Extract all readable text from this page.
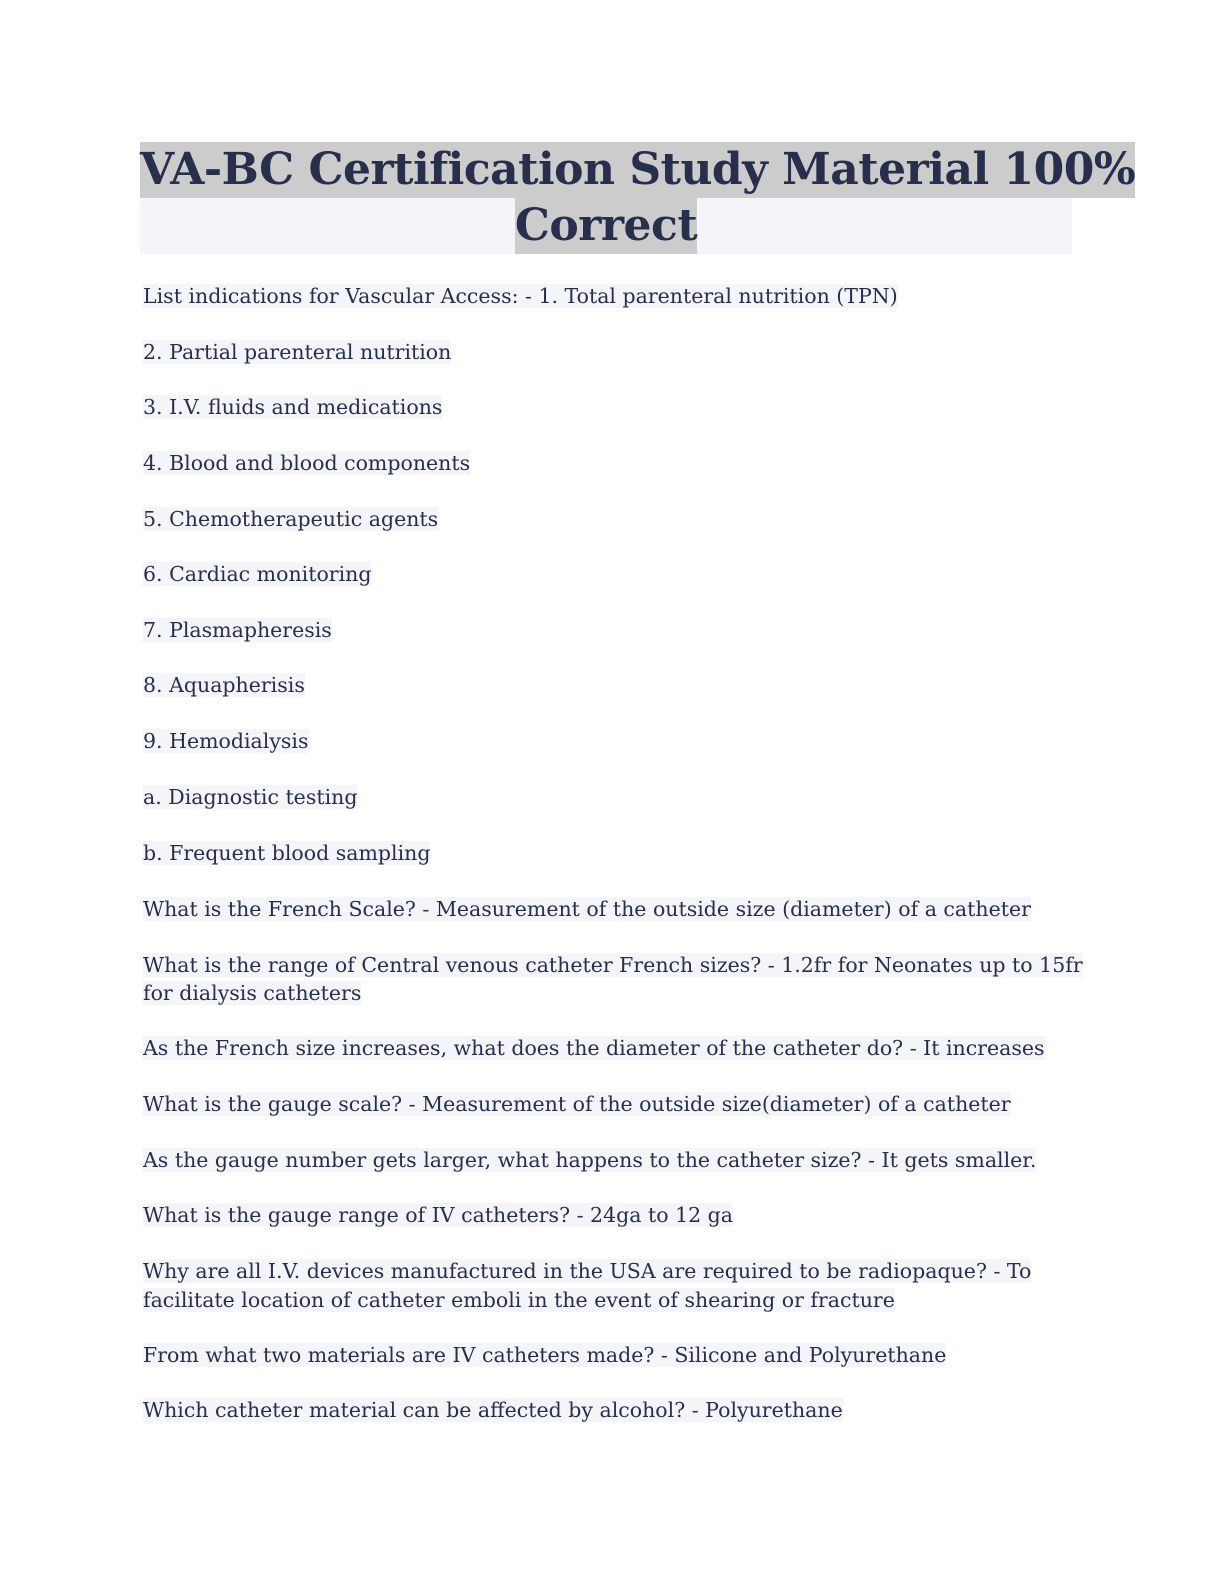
VA-BC Certification Study Material 100%
Correct
List indications for Vascular Access: - 1. Total parenteral nutrition (TPN)
2. Partial parenteral nutrition
3. I.V. fluids and medications
4. Blood and blood components
5. Chemotherapeutic agents
6. Cardiac monitoring
7. Plasmapheresis
8. Aquapherisis
9. Hemodialysis
a. Diagnostic testing
b. Frequent blood sampling
What is the French Scale? - Measurement of the outside size (diameter) of a catheter
What is the range of Central venous catheter French sizes? - 1.2fr for Neonates up to 15fr
for dialysis catheters
As the French size increases, what does the diameter of the catheter do? - It increases
What is the gauge scale? - Measurement of the outside size(diameter) of a catheter
As the gauge number gets larger, what happens to the catheter size? - It gets smaller.
What is the gauge range of IV catheters? - 24ga to 12 ga
Why are all I.V. devices manufactured in the USA are required to be radiopaque? - To
facilitate location of catheter emboli in the event of shearing or fracture
From what two materials are IV catheters made? - Silicone and Polyurethane
Which catheter material can be affected by alcohol? - Polyurethane
